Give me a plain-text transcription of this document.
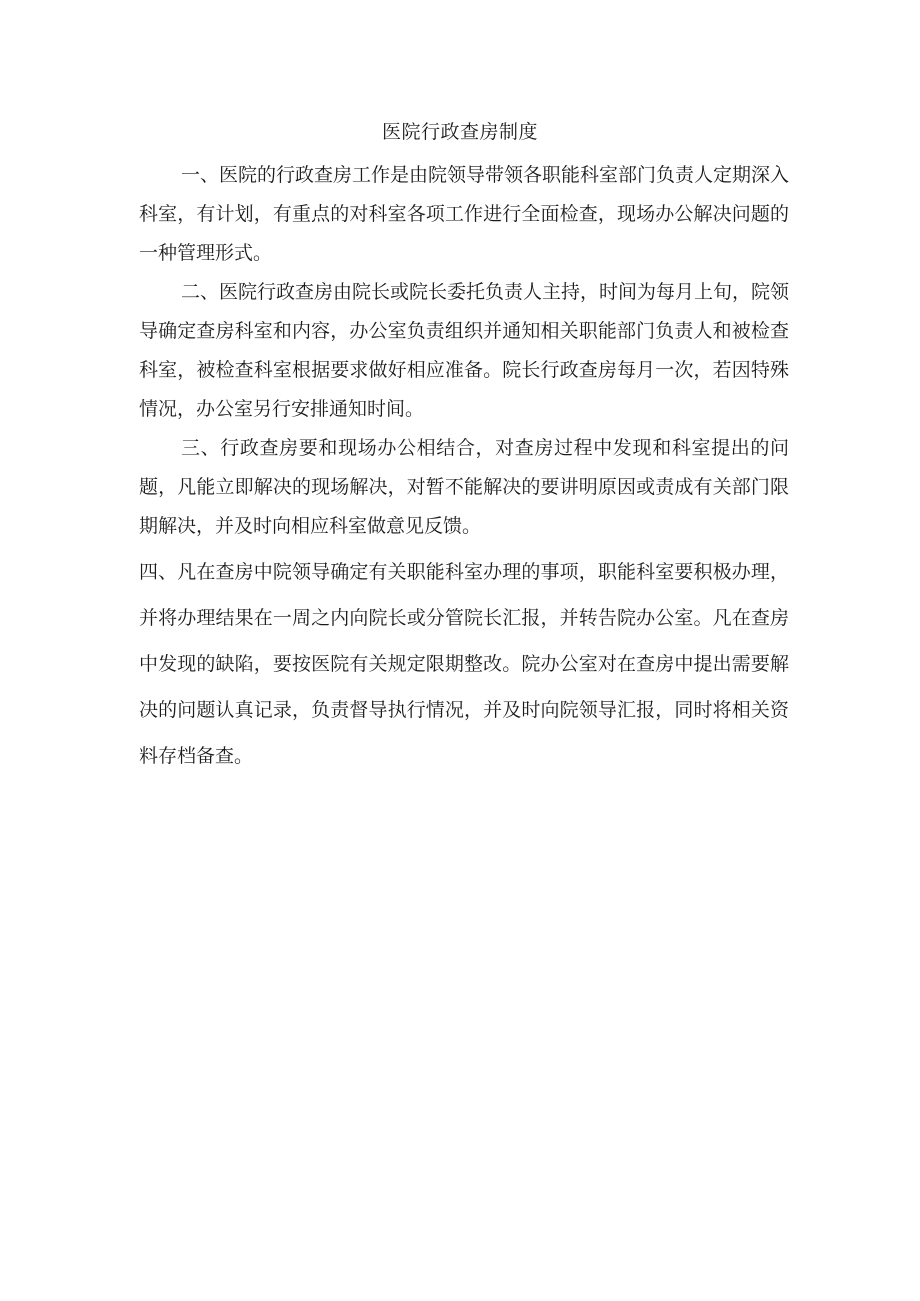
医院行政查房制度

一、医院的行政查房工作是由院领导带领各职能科室部门负责人定期深入科室，有计划，有重点的对科室各项工作进行全面检查，现场办公解决问题的一种管理形式。

二、医院行政查房由院长或院长委托负责人主持，时间为每月上旬，院领导确定查房科室和内容，办公室负责组织并通知相关职能部门负责人和被检查科室，被检查科室根据要求做好相应准备。院长行政查房每月一次，若因特殊情况，办公室另行安排通知时间。

三、行政查房要和现场办公相结合，对查房过程中发现和科室提出的问题，凡能立即解决的现场解决，对暂不能解决的要讲明原因或责成有关部门限期解决，并及时向相应科室做意见反馈。

四、凡在查房中院领导确定有关职能科室办理的事项，职能科室要积极办理，并将办理结果在一周之内向院长或分管院长汇报，并转告院办公室。凡在查房中发现的缺陷，要按医院有关规定限期整改。院办公室对在查房中提出需要解决的问题认真记录，负责督导执行情况，并及时向院领导汇报，同时将相关资料存档备查。
